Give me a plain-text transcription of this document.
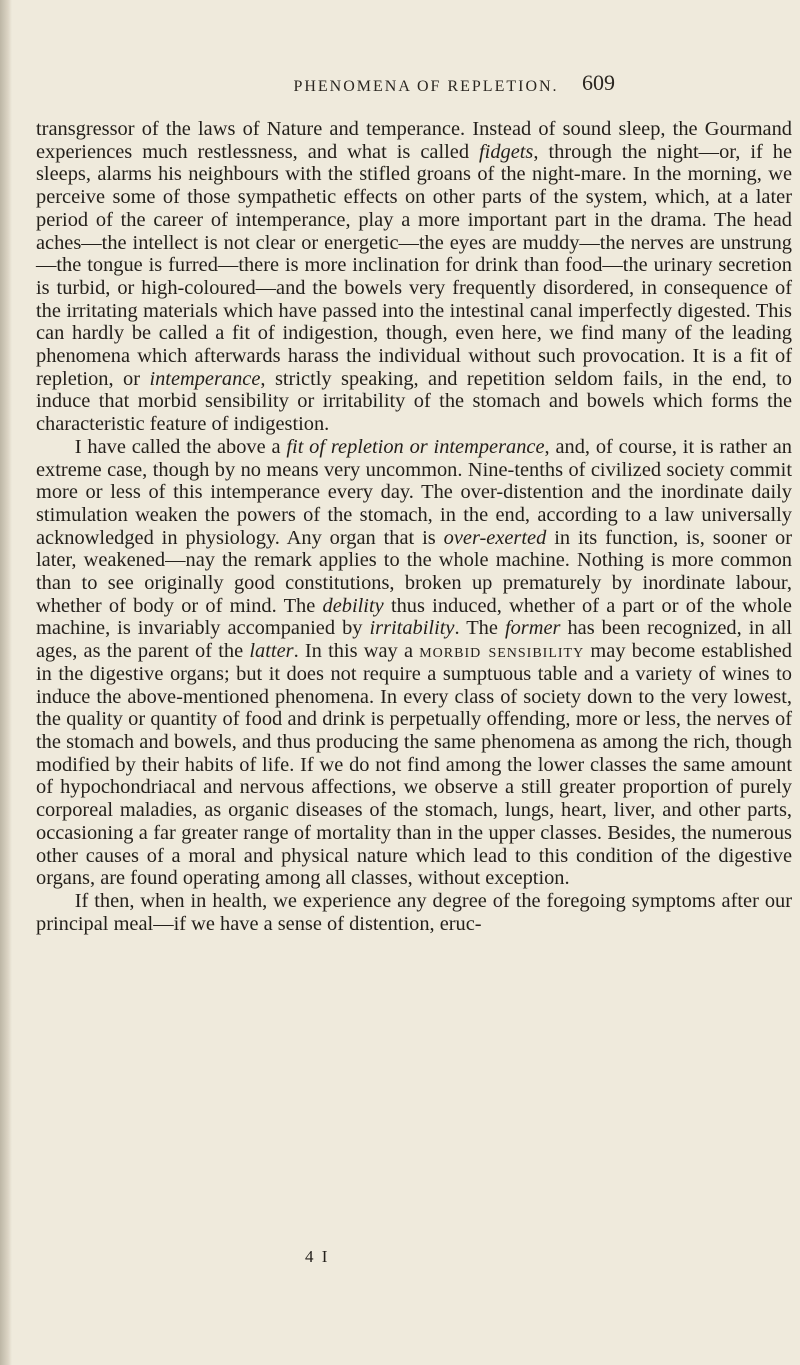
PHENOMENA OF REPLETION.	609

transgressor of the laws of Nature and temperance. Instead of sound sleep, the Gourmand experiences much restlessness, and what is called fidgets, through the night—or, if he sleeps, alarms his neighbours with the stifled groans of the night-mare. In the morning, we perceive some of those sympathetic effects on other parts of the system, which, at a later period of the career of intemperance, play a more important part in the drama. The head aches—the intellect is not clear or energetic—the eyes are muddy—the nerves are unstrung—the tongue is furred—there is more inclination for drink than food—the urinary secretion is turbid, or high-coloured—and the bowels very frequently disordered, in consequence of the irritating materials which have passed into the intestinal canal imperfectly digested. This can hardly be called a fit of indigestion, though, even here, we find many of the leading phenomena which afterwards harass the individual without such provocation. It is a fit of repletion, or intemperance, strictly speaking, and repetition seldom fails, in the end, to induce that morbid sensibility or irritability of the stomach and bowels which forms the characteristic feature of indigestion.

I have called the above a fit of repletion or intemperance, and, of course, it is rather an extreme case, though by no means very uncommon. Nine-tenths of civilized society commit more or less of this intemperance every day. The over-distention and the inordinate daily stimulation weaken the powers of the stomach, in the end, according to a law universally acknowledged in physiology. Any organ that is over-exerted in its function, is, sooner or later, weakened—nay the remark applies to the whole machine. Nothing is more common than to see originally good constitutions, broken up prematurely by inordinate labour, whether of body or of mind. The debility thus induced, whether of a part or of the whole machine, is invariably accompanied by irritability. The former has been recognized, in all ages, as the parent of the latter. In this way a morbid sensibility may become established in the digestive organs; but it does not require a sumptuous table and a variety of wines to induce the above-mentioned phenomena. In every class of society down to the very lowest, the quality or quantity of food and drink is perpetually offending, more or less, the nerves of the stomach and bowels, and thus producing the same phenomena as among the rich, though modified by their habits of life. If we do not find among the lower classes the same amount of hypochondriacal and nervous affections, we observe a still greater proportion of purely corporeal maladies, as organic diseases of the stomach, lungs, heart, liver, and other parts, occasioning a far greater range of mortality than in the upper classes. Besides, the numerous other causes of a moral and physical nature which lead to this condition of the digestive organs, are found operating among all classes, without exception.

If then, when in health, we experience any degree of the foregoing symptoms after our principal meal—if we have a sense of distention, eruc-

4 I
